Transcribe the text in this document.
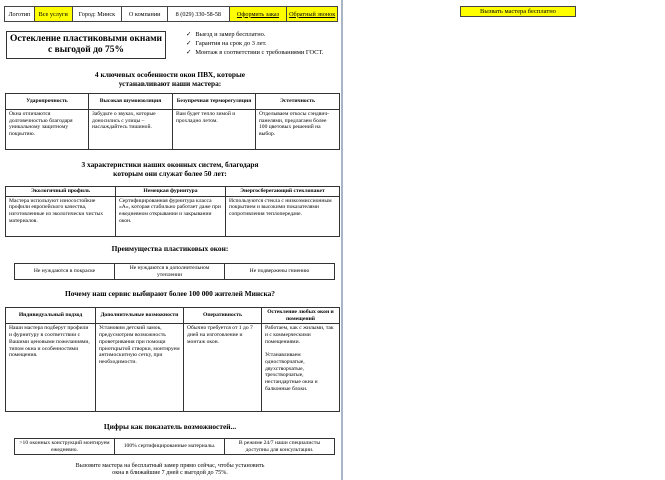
Логотип	Все услуги	Город: Минск	О компании	8 (029) 330-58-58	Оформить заказ	Обратный звонок
Остекление пластиковыми окнами с выгодой до 75%
✓ Выезд и замер бесплатно.
✓ Гарантия на срок до 3 лет.
✓ Монтаж в соответствии с требованиями ГОСТ.
4 ключевых особенности окон ПВХ, которые устанавливают наши мастера:
Ударопрочность	Высокая шумоизоляция	Безупречная терморегуляция	Эстетичность
Окна отличаются долговечностью благодаря уникальному защитному покрытию.	Забудьте о звуках, которые доносились с улицы – наслаждайтесь тишиной.	Вам будет тепло зимой и прохладно летом.	Отделываем откосы сэндвич-панелями, предлагаем более 100 цветовых решений на выбор.
3 характеристики наших оконных систем, благодаря которым они служат более 50 лет:
Экологичный профиль	Немецкая фурнитура	Энергосберегающий стеклопакет
Мастера используют износостойкие профили европейского качества, изготовленные из экологически чистых материалов.	Сертифицированная фурнитура класса «А», которая стабильно работает даже при ежедневном открывании и закрывании окон.	Используются стекла с низкоэмиссионным покрытием и высокими показателями сопротивления теплопередаче.
Преимущества пластиковых окон:
Не нуждаются в покраске	Не нуждаются в дополнительном утеплении	Не подвержены гниению
Почему наш сервис выбирают более 100 000 жителей Минска?
Индивидуальный подход	Дополнительные возможности	Оперативность	Остекление любых окон и помещений
Наши мастера подберут профили и фурнитуру в соответствии с Вашими ценовыми пожеланиями, типом окна и особенностями помещения.	Установим детский замок, предусмотрим возможность проветривания при помощи приоткрытой створки, монтируем антимоскитную сетку, при необходимости.	Обычно требуется от 1 до 7 дней на изготовление и монтаж окон.	Работаем, как с жилыми, так и с коммерческими помещениями.

Устанавливаем одностворчатые, двухстворчатые, трехстворчатые, нестандартные окна и балконные блоки.
Цифры как показатель возможностей...
>10 оконных конструкций монтируем ежедневно.	100% сертифицированные материалы.	В режиме 24/7 наши специалисты доступны для консультации.
Вызовите мастера на бесплатный замер прямо сейчас, чтобы установить окна в ближайшие 7 дней с выгодой до 75%.
Вызвать мастера бесплатно
